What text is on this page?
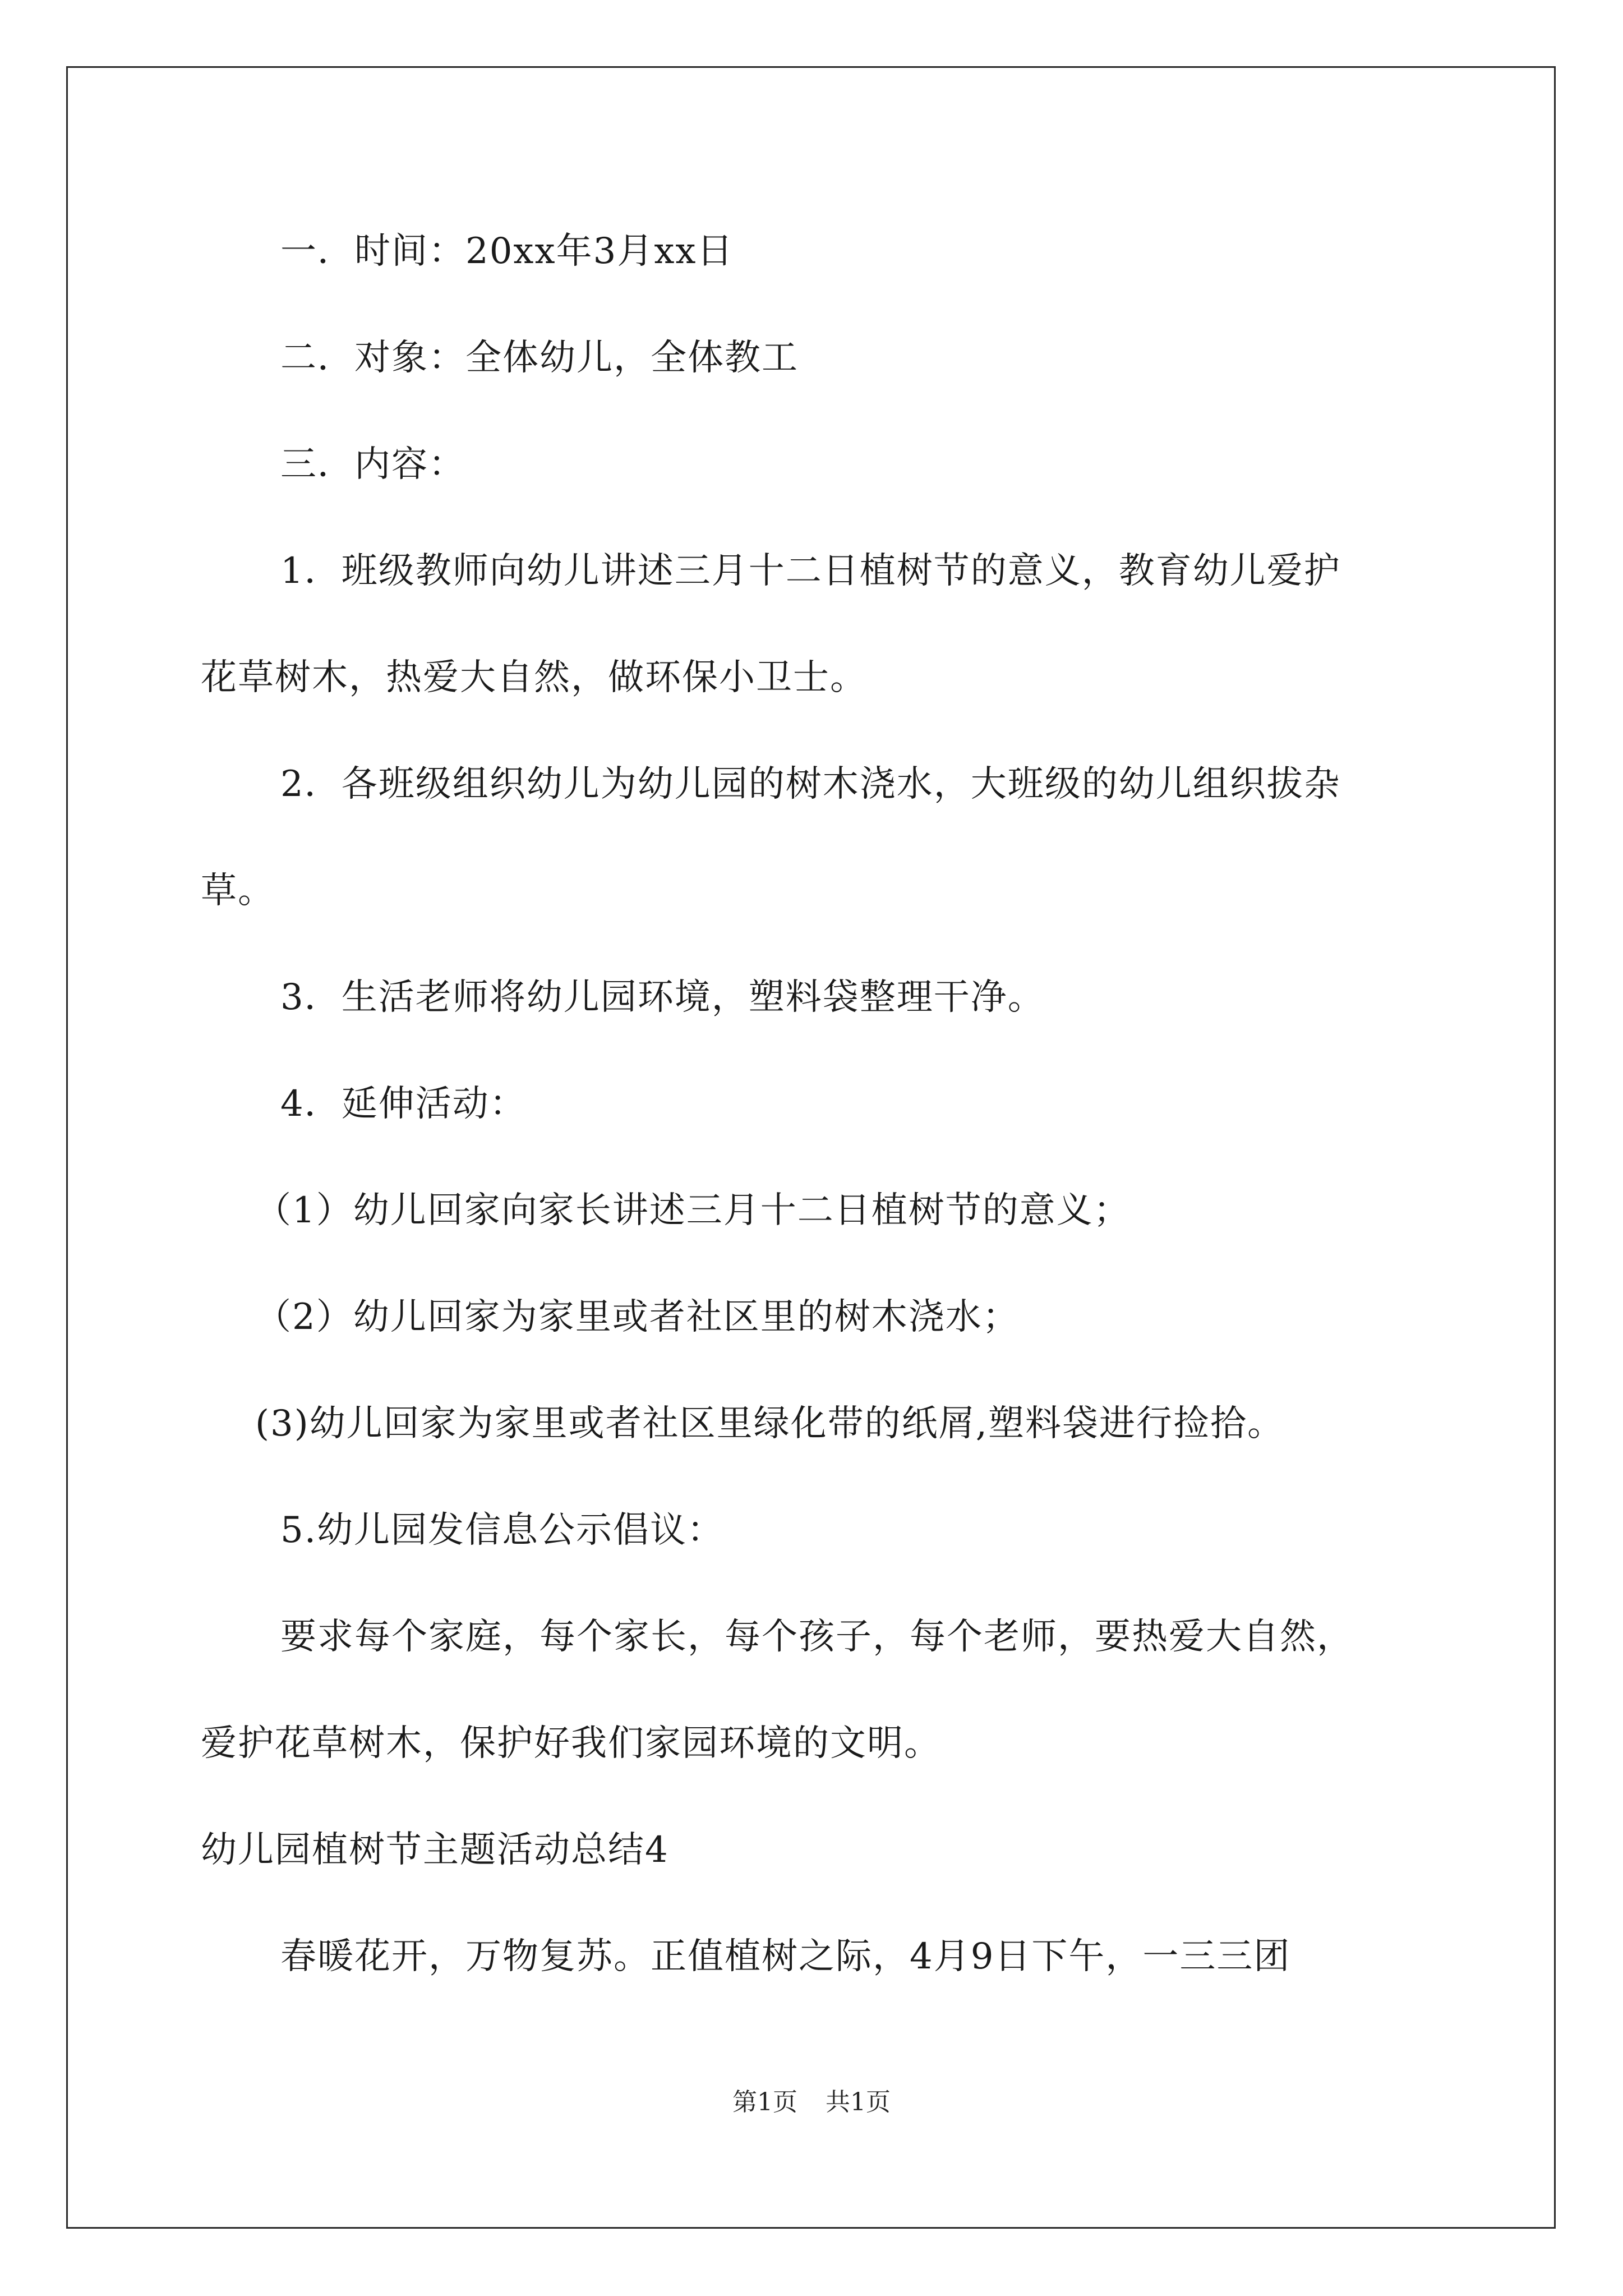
一．时间：20xx年3月xx日
二．对象：全体幼儿，全体教工
三．内容：
1．班级教师向幼儿讲述三月十二日植树节的意义，教育幼儿爱护
花草树木，热爱大自然，做环保小卫士。
2．各班级组织幼儿为幼儿园的树木浇水，大班级的幼儿组织拔杂
草。
3．生活老师将幼儿园环境，塑料袋整理干净。
4．延伸活动：
（1）幼儿回家向家长讲述三月十二日植树节的意义；
（2）幼儿回家为家里或者社区里的树木浇水；
(3)幼儿回家为家里或者社区里绿化带的纸屑,塑料袋进行捡拾。
5.幼儿园发信息公示倡议：
要求每个家庭，每个家长，每个孩子，每个老师，要热爱大自然，
爱护花草树木，保护好我们家园环境的文明。
幼儿园植树节主题活动总结4
春暖花开，万物复苏。正值植树之际，4月9日下午，一三三团
第1页 共1页
